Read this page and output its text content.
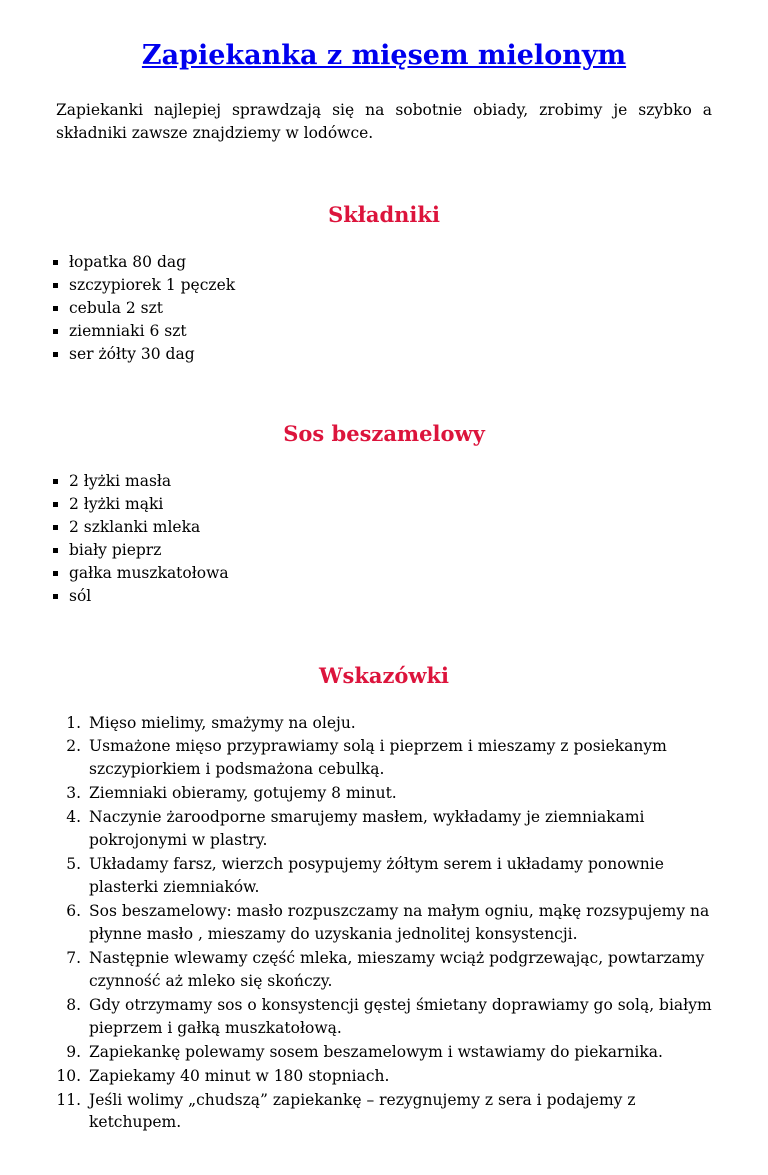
Zapiekanka z mięsem mielonym

Zapiekanki najlepiej sprawdzają się na sobotnie obiady, zrobimy je szybko a składniki zawsze znajdziemy w lodówce.

Składniki
▪ łopatka 80 dag
▪ szczypiorek 1 pęczek
▪ cebula 2 szt
▪ ziemniaki 6 szt
▪ ser żółty 30 dag
Sos beszamelowy
▪ 2 łyżki masła
▪ 2 łyżki mąki
▪ 2 szklanki mleka
▪ biały pieprz
▪ gałka muszkatołowa
▪ sól
Wskazówki
1. Mięso mielimy, smażymy na oleju.
2. Usmażone mięso przyprawiamy solą i pieprzem i mieszamy z posiekanym szczypiorkiem i podsmażona cebulką.
3. Ziemniaki obieramy, gotujemy 8 minut.
4. Naczynie żaroodporne smarujemy masłem, wykładamy je ziemniakami pokrojonymi w plastry.
5. Układamy farsz, wierzch posypujemy żółtym serem i układamy ponownie plasterki ziemniaków.
6. Sos beszamelowy: masło rozpuszczamy na małym ogniu, mąkę rozsypujemy na płynne masło , mieszamy do uzyskania jednolitej konsystencji.
7. Następnie wlewamy część mleka, mieszamy wciąż podgrzewając, powtarzamy czynność aż mleko się skończy.
8. Gdy otrzymamy sos o konsystencji gęstej śmietany doprawiamy go solą, białym pieprzem i gałką muszkatołową.
9. Zapiekankę polewamy sosem beszamelowym i wstawiamy do piekarnika.
10. Zapiekamy 40 minut w 180 stopniach.
11. Jeśli wolimy „chudszą” zapiekankę – rezygnujemy z sera i podajemy z ketchupem.
